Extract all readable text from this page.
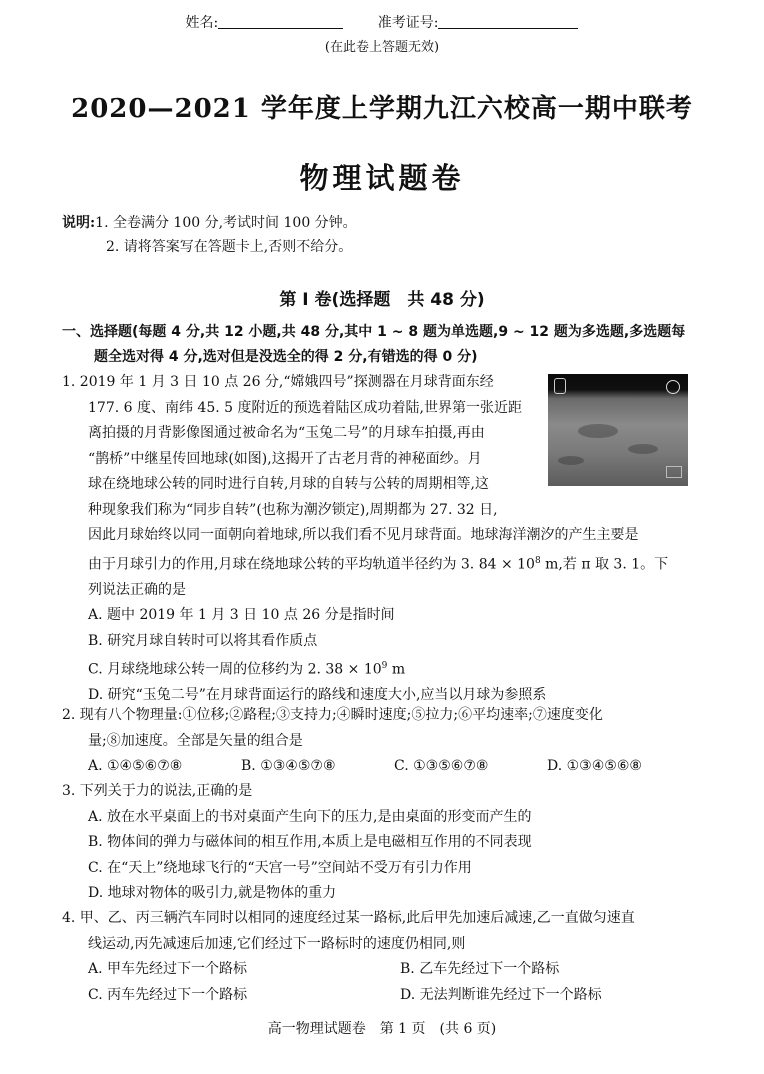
姓名:	准考证号:
(在此卷上答题无效)
2020—2021 学年度上学期九江六校高一期中联考
物理试题卷
说明:1. 全卷满分 100 分,考试时间 100 分钟。
2. 请将答案写在答题卡上,否则不给分。
第 Ⅰ 卷(选择题　共 48 分)
一、选择题(每题 4 分,共 12 小题,共 48 分,其中 1 ~ 8 题为单选题,9 ~ 12 题为多选题,多选题每
题全选对得 4 分,选对但是没选全的得 2 分,有错选的得 0 分)
1. 2019 年 1 月 3 日 10 点 26 分,“嫦娥四号”探测器在月球背面东经
177. 6 度、南纬 45. 5 度附近的预选着陆区成功着陆,世界第一张近距
离拍摄的月背影像图通过被命名为“玉兔二号”的月球车拍摄,再由
“鹊桥”中继星传回地球(如图),这揭开了古老月背的神秘面纱。月
球在绕地球公转的同时进行自转,月球的自转与公转的周期相等,这
种现象我们称为“同步自转”(也称为潮汐锁定),周期都为 27. 32 日,
因此月球始终以同一面朝向着地球,所以我们看不见月球背面。地球海洋潮汐的产生主要是
由于月球引力的作用,月球在绕地球公转的平均轨道半径约为 3. $84 \times 10^8$ m,若 π 取 3. 1。下
列说法正确的是
A. 题中 2019 年 1 月 3 日 10 点 26 分是指时间
B. 研究月球自转时可以将其看作质点
C. 月球绕地球公转一周的位移约为 2. $38 \times 10^9$ m
D. 研究“玉兔二号”在月球背面运行的路线和速度大小,应当以月球为参照系
2. 现有八个物理量:①位移;②路程;③支持力;④瞬时速度;⑤拉力;⑥平均速率;⑦速度变化
量;⑧加速度。全部是矢量的组合是
A. ①④⑤⑥⑦⑧	B. ①③④⑤⑦⑧	C. ①③⑤⑥⑦⑧	D. ①③④⑤⑥⑧
3. 下列关于力的说法,正确的是
A. 放在水平桌面上的书对桌面产生向下的压力,是由桌面的形变而产生的
B. 物体间的弹力与磁体间的相互作用,本质上是电磁相互作用的不同表现
C. 在“天上”绕地球飞行的“天宫一号”空间站不受万有引力作用
D. 地球对物体的吸引力,就是物体的重力
4. 甲、乙、丙三辆汽车同时以相同的速度经过某一路标,此后甲先加速后减速,乙一直做匀速直
线运动,丙先减速后加速,它们经过下一路标时的速度仍相同,则
A. 甲车先经过下一个路标	B. 乙车先经过下一个路标
C. 丙车先经过下一个路标	D. 无法判断谁先经过下一个路标
高一物理试题卷　第 1 页　(共 6 页)
